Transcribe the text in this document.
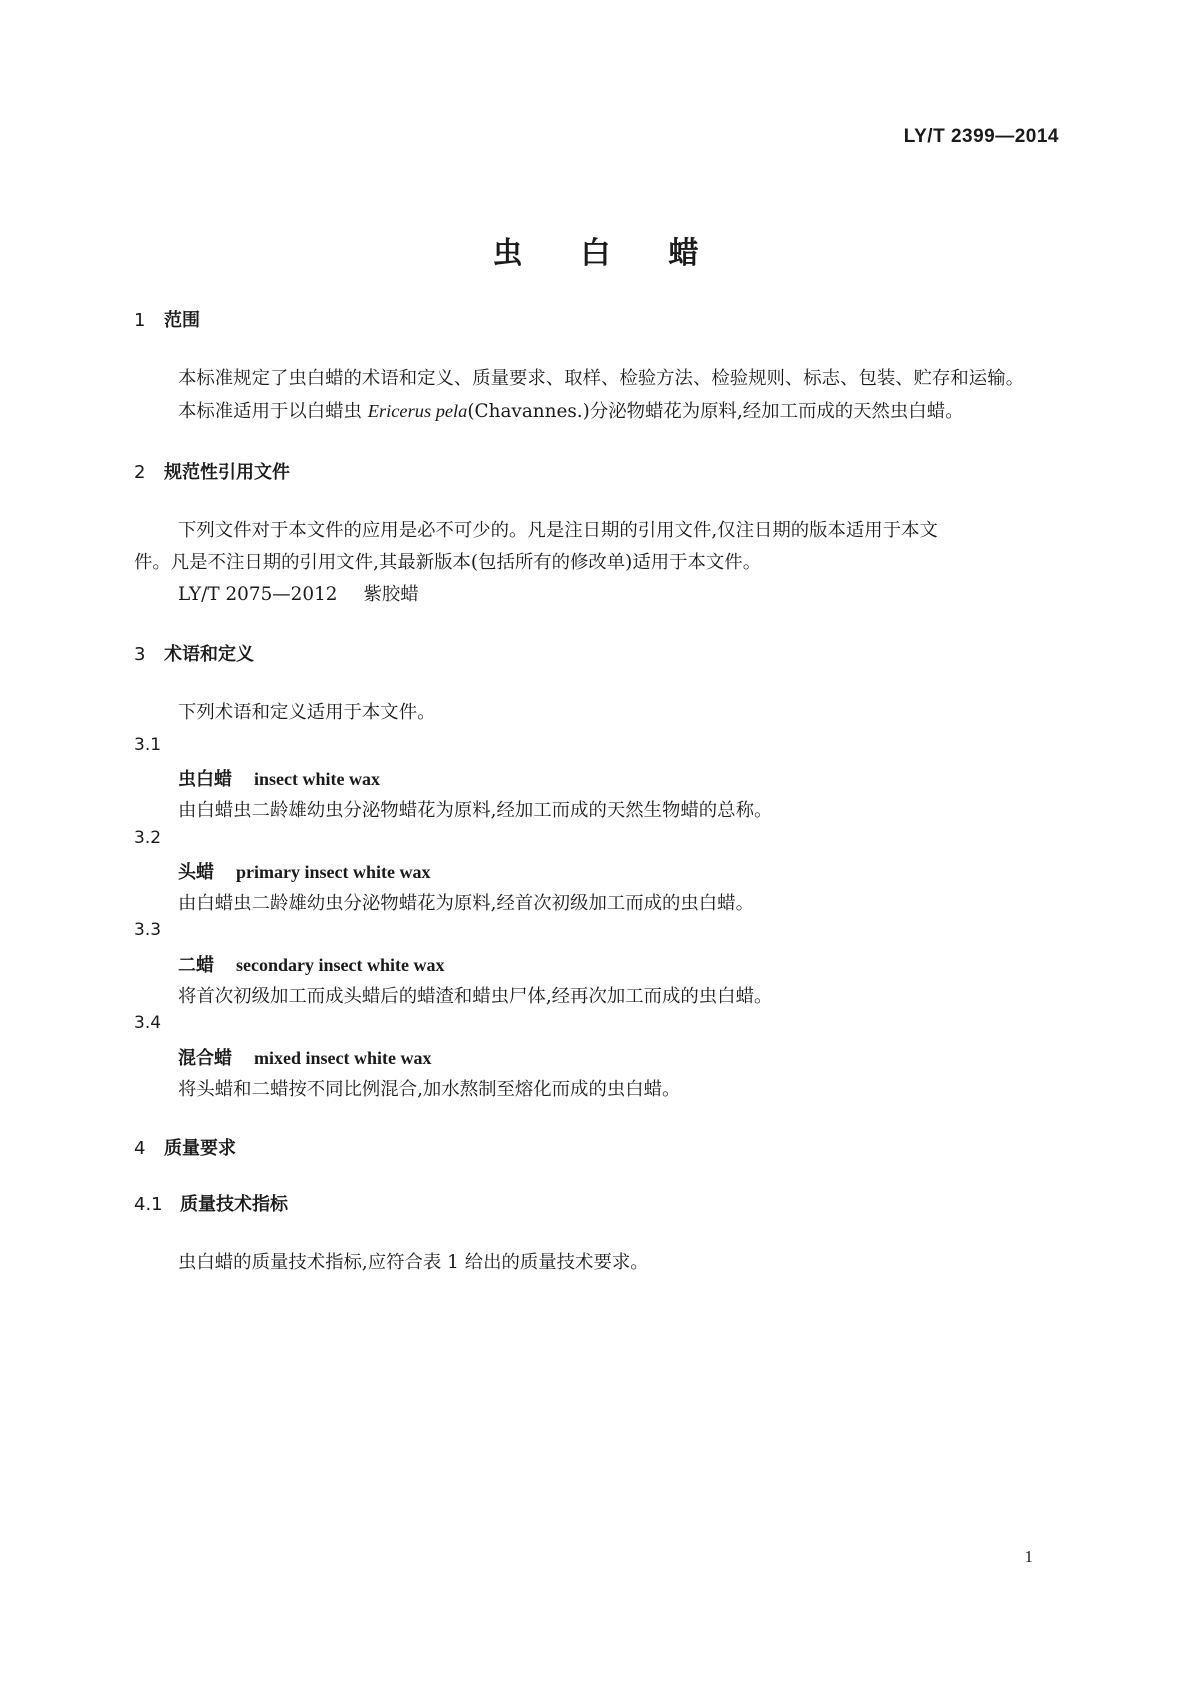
LY/T 2399—2014
虫白蜡
1 范围
本标准规定了虫白蜡的术语和定义、质量要求、取样、检验方法、检验规则、标志、包装、贮存和运输。
本标准适用于以白蜡虫 Ericerus pela(Chavannes.)分泌物蜡花为原料,经加工而成的天然虫白蜡。
2 规范性引用文件
下列文件对于本文件的应用是必不可少的。凡是注日期的引用文件,仅注日期的版本适用于本文
件。凡是不注日期的引用文件,其最新版本(包括所有的修改单)适用于本文件。
LY/T 2075—2012 紫胶蜡
3 术语和定义
下列术语和定义适用于本文件。
3.1
虫白蜡 insect white wax
由白蜡虫二龄雄幼虫分泌物蜡花为原料,经加工而成的天然生物蜡的总称。
3.2
头蜡 primary insect white wax
由白蜡虫二龄雄幼虫分泌物蜡花为原料,经首次初级加工而成的虫白蜡。
3.3
二蜡 secondary insect white wax
将首次初级加工而成头蜡后的蜡渣和蜡虫尸体,经再次加工而成的虫白蜡。
3.4
混合蜡 mixed insect white wax
将头蜡和二蜡按不同比例混合,加水熬制至熔化而成的虫白蜡。
4 质量要求
4.1 质量技术指标
虫白蜡的质量技术指标,应符合表 1 给出的质量技术要求。
1
